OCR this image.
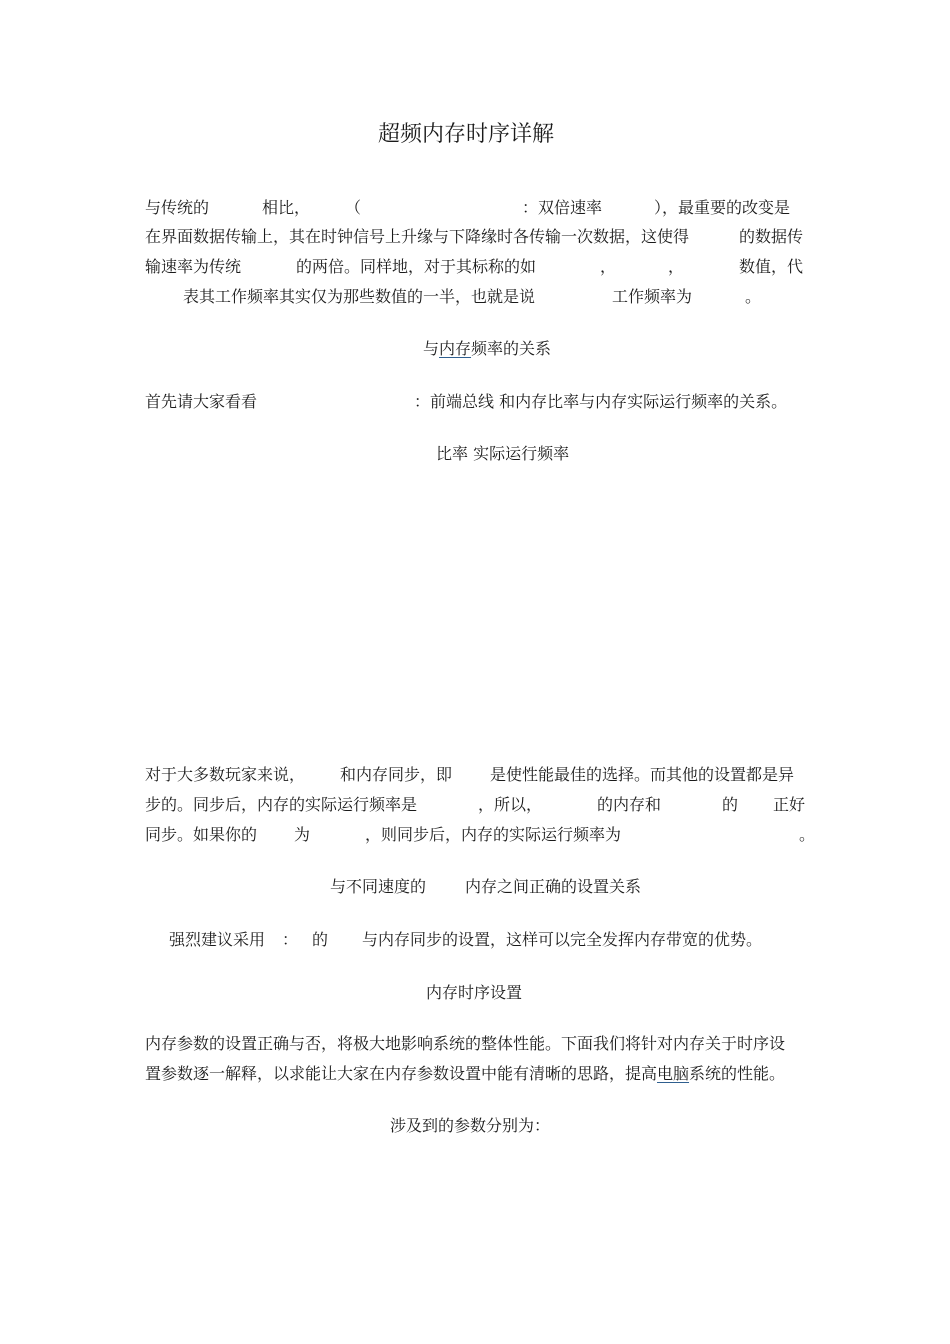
超频内存时序详解
与传统的	相比， （	：双倍速率	），最重要的改变是
在界面数据传输上，其在时钟信号上升缘与下降缘时各传输一次数据，这使得	的数据传
输速率为传统	的两倍。同样地，对于其标称的如	，	，	数值，代
表其工作频率其实仅为那些数值的一半，也就是说	工作频率为	。
与内存频率的关系
首先请大家看看	：前端总线 和内存比率与内存实际运行频率的关系。
比率 实际运行频率
对于大多数玩家来说， 和内存同步，即 是使性能最佳的选择。而其他的设置都是异
步的。同步后，内存的实际运行频率是	，所以，	的内存和	的 正好
同步。如果你的 为	，则同步后，内存的实际运行频率为	。
与不同速度的 内存之间正确的设置关系
强烈建议采用 ： 的 与内存同步的设置，这样可以完全发挥内存带宽的优势。
内存时序设置
内存参数的设置正确与否，将极大地影响系统的整体性能。下面我们将针对内存关于时序设
置参数逐一解释，以求能让大家在内存参数设置中能有清晰的思路，提高电脑系统的性能。
涉及到的参数分别为：
